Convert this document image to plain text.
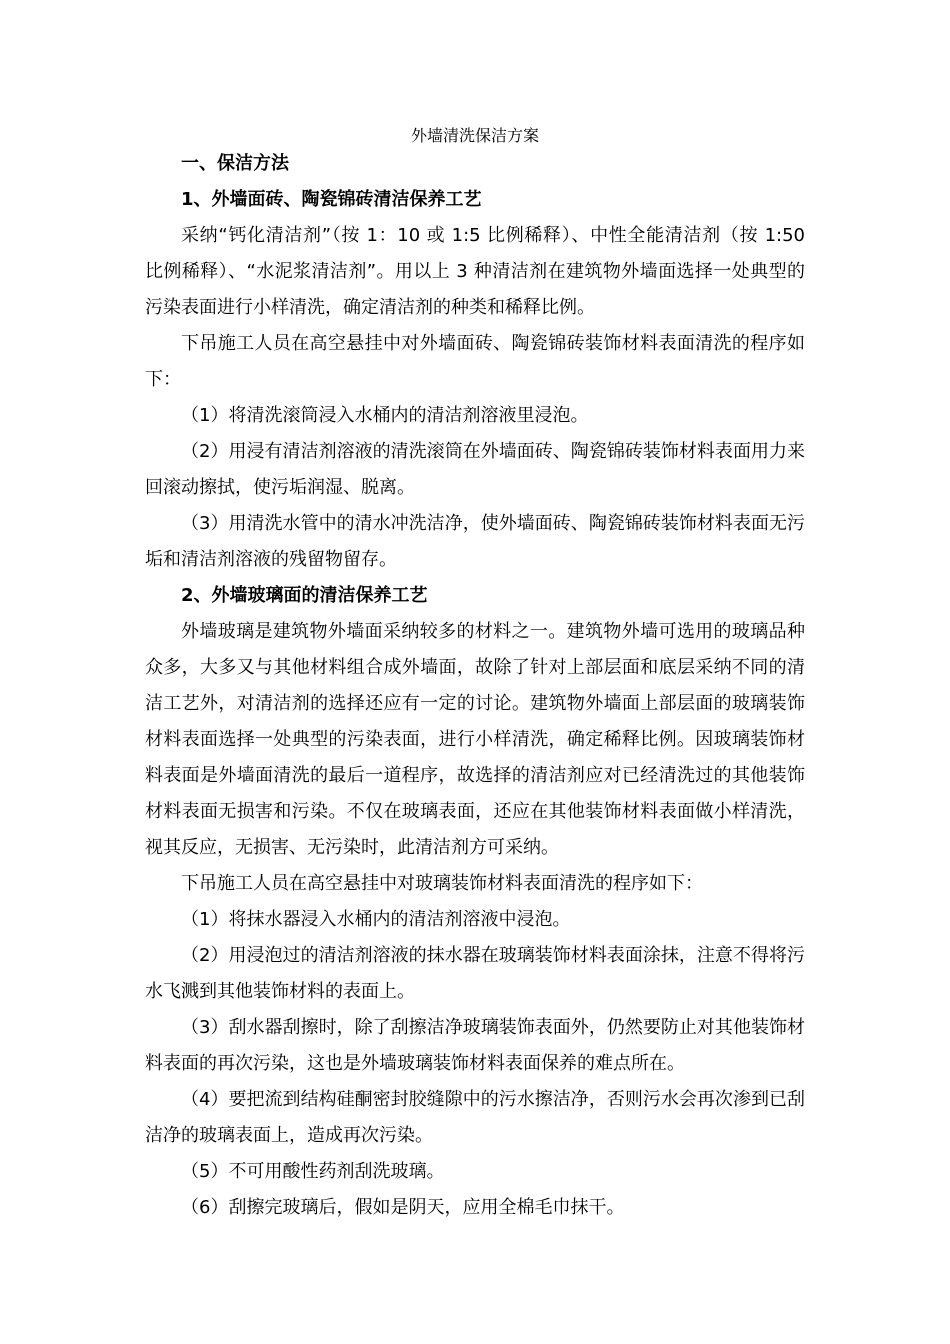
外墙清洗保洁方案

一、保洁方法

1、外墙面砖、陶瓷锦砖清洁保养工艺

采纳“钙化清洁剂”（按 1：10 或 1:5 比例稀释）、中性全能清洁剂（按 1:50 比例稀释）、“水泥浆清洁剂”。用以上 3 种清洁剂在建筑物外墙面选择一处典型的污染表面进行小样清洗，确定清洁剂的种类和稀释比例。

下吊施工人员在高空悬挂中对外墙面砖、陶瓷锦砖装饰材料表面清洗的程序如下：

（1）将清洗滚筒浸入水桶内的清洁剂溶液里浸泡。

（2）用浸有清洁剂溶液的清洗滚筒在外墙面砖、陶瓷锦砖装饰材料表面用力来回滚动擦拭，使污垢润湿、脱离。

（3）用清洗水管中的清水冲洗洁净，使外墙面砖、陶瓷锦砖装饰材料表面无污垢和清洁剂溶液的残留物留存。

2、外墙玻璃面的清洁保养工艺

外墙玻璃是建筑物外墙面采纳较多的材料之一。建筑物外墙可选用的玻璃品种众多，大多又与其他材料组合成外墙面，故除了针对上部层面和底层采纳不同的清洁工艺外，对清洁剂的选择还应有一定的讨论。建筑物外墙面上部层面的玻璃装饰材料表面选择一处典型的污染表面，进行小样清洗，确定稀释比例。因玻璃装饰材料表面是外墙面清洗的最后一道程序，故选择的清洁剂应对已经清洗过的其他装饰材料表面无损害和污染。不仅在玻璃表面，还应在其他装饰材料表面做小样清洗，视其反应，无损害、无污染时，此清洁剂方可采纳。

下吊施工人员在高空悬挂中对玻璃装饰材料表面清洗的程序如下：

（1）将抹水器浸入水桶内的清洁剂溶液中浸泡。

（2）用浸泡过的清洁剂溶液的抹水器在玻璃装饰材料表面涂抹，注意不得将污水飞溅到其他装饰材料的表面上。

（3）刮水器刮擦时，除了刮擦洁净玻璃装饰表面外，仍然要防止对其他装饰材料表面的再次污染，这也是外墙玻璃装饰材料表面保养的难点所在。

（4）要把流到结构硅酮密封胶缝隙中的污水擦洁净，否则污水会再次渗到已刮洁净的玻璃表面上，造成再次污染。

（5）不可用酸性药剂刮洗玻璃。

（6）刮擦完玻璃后，假如是阴天，应用全棉毛巾抹干。
